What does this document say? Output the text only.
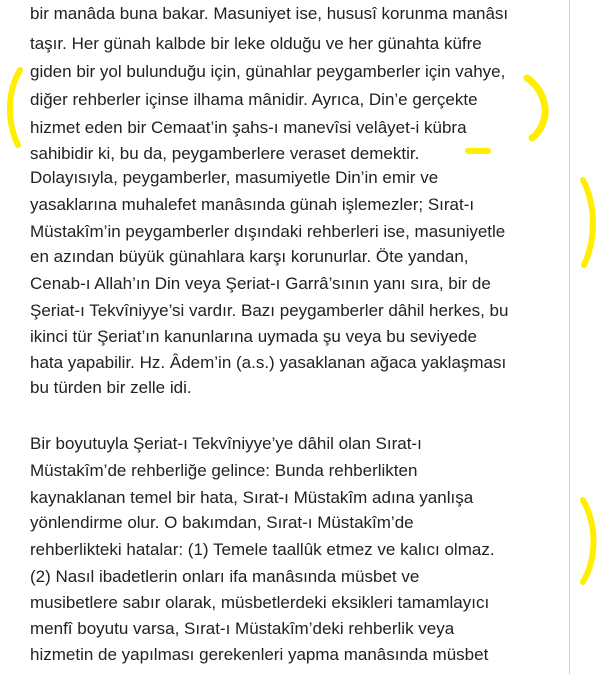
bir manâda buna bakar. Masuniyet ise, hususî korunma manâsı
taşır. Her günah kalbde bir leke olduğu ve her günahta küfre
giden bir yol bulunduğu için, günahlar peygamberler için vahye,
diğer rehberler içinse ilhama mânidir. Ayrıca, Din’e gerçekte
hizmet eden bir Cemaat’in şahs-ı manevîsi velâyet-i kübra
sahibidir ki, bu da, peygamberlere veraset demektir.
Dolayısıyla, peygamberler, masumiyetle Din’in emir ve
yasaklarına muhalefet manâsında günah işlemezler; Sırat-ı
Müstakîm’in peygamberler dışındaki rehberleri ise, masuniyetle
en azından büyük günahlara karşı korunurlar. Öte yandan,
Cenab-ı Allah’ın Din veya Şeriat-ı Garrâ’sının yanı sıra, bir de
Şeriat-ı Tekvîniyye’si vardır. Bazı peygamberler dâhil herkes, bu
ikinci tür Şeriat’ın kanunlarına uymada şu veya bu seviyede
hata yapabilir. Hz. Âdem’in (a.s.) yasaklanan ağaca yaklaşması
bu türden bir zelle idi.
Bir boyutuyla Şeriat-ı Tekvîniyye’ye dâhil olan Sırat-ı
Müstakîm’de rehberliğe gelince: Bunda rehberlikten
kaynaklanan temel bir hata, Sırat-ı Müstakîm adına yanlışa
yönlendirme olur. O bakımdan, Sırat-ı Müstakîm’de
rehberlikteki hatalar: (1) Temele taallûk etmez ve kalıcı olmaz.
(2) Nasıl ibadetlerin onları ifa manâsında müsbet ve
musibetlere sabır olarak, müsbetlerdeki eksikleri tamamlayıcı
menfî boyutu varsa, Sırat-ı Müstakîm’deki rehberlik veya
hizmetin de yapılması gerekenleri yapma manâsında müsbet
